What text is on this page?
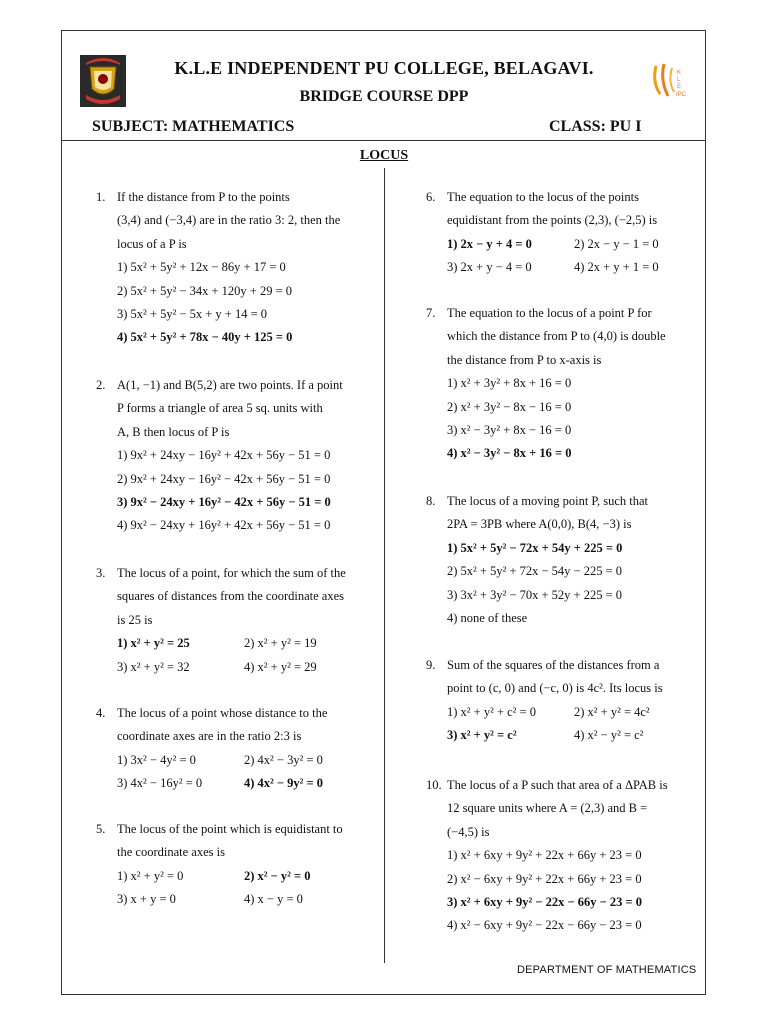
K
L
E
IPC
K.L.E INDEPENDENT PU COLLEGE, BELAGAVI.
BRIDGE COURSE DPP
SUBJECT: MATHEMATICS	CLASS: PU I
LOCUS
DEPARTMENT OF MATHEMATICS
1. If the distance from P to the points
(3,4) and (−3,4) are in the ratio 3: 2, then the
locus of a P is
1) 5x² + 5y² + 12x − 86y + 17 = 0
2) 5x² + 5y² − 34x + 120y + 29 = 0
3) 5x² + 5y² − 5x + y + 14 = 0
4) 5x² + 5y² + 78x − 40y + 125 = 0
2. A(1, −1) and B(5,2) are two points. If a point
P forms a triangle of area 5 sq. units with
A, B then locus of P is
1) 9x² + 24xy − 16y² + 42x + 56y − 51 = 0
2) 9x² + 24xy − 16y² − 42x + 56y − 51 = 0
3) 9x² − 24xy + 16y² − 42x + 56y − 51 = 0
4) 9x² − 24xy + 16y² + 42x + 56y − 51 = 0
3. The locus of a point, for which the sum of the
squares of distances from the coordinate axes
is 25 is
1) x² + y² = 25	2) x² + y² = 19
3) x² + y² = 32	4) x² + y² = 29
4. The locus of a point whose distance to the
coordinate axes are in the ratio 2:3 is
1) 3x² − 4y² = 0	2) 4x² − 3y² = 0
3) 4x² − 16y² = 0	4) 4x² − 9y² = 0
5. The locus of the point which is equidistant to
the coordinate axes is
1) x² + y² = 0	2) x² − y² = 0
3) x + y = 0	4) x − y = 0
6. The equation to the locus of the points
equidistant from the points (2,3), (−2,5) is
1) 2x − y + 4 = 0	2) 2x − y − 1 = 0
3) 2x + y − 4 = 0	4) 2x + y + 1 = 0
7. The equation to the locus of a point P for
which the distance from P to (4,0) is double
the distance from P to x-axis is
1) x² + 3y² + 8x + 16 = 0
2) x² + 3y² − 8x − 16 = 0
3) x² − 3y² + 8x − 16 = 0
4) x² − 3y² − 8x + 16 = 0
8. The locus of a moving point P, such that
2PA = 3PB where A(0,0), B(4, −3) is
1) 5x² + 5y² − 72x + 54y + 225 = 0
2) 5x² + 5y² + 72x − 54y − 225 = 0
3) 3x² + 3y² − 70x + 52y + 225 = 0
4) none of these
9. Sum of the squares of the distances from a
point to (c, 0) and (−c, 0) is 4c². Its locus is
1) x² + y² + c² = 0	2) x² + y² = 4c²
3) x² + y² = c²	4) x² − y² = c²
10. The locus of a P such that area of a ΔPAB is
12 square units where A = (2,3) and B =
(−4,5) is
1) x² + 6xy + 9y² + 22x + 66y + 23 = 0
2) x² − 6xy + 9y² + 22x + 66y + 23 = 0
3) x² + 6xy + 9y² − 22x − 66y − 23 = 0
4) x² − 6xy + 9y² − 22x − 66y − 23 = 0
